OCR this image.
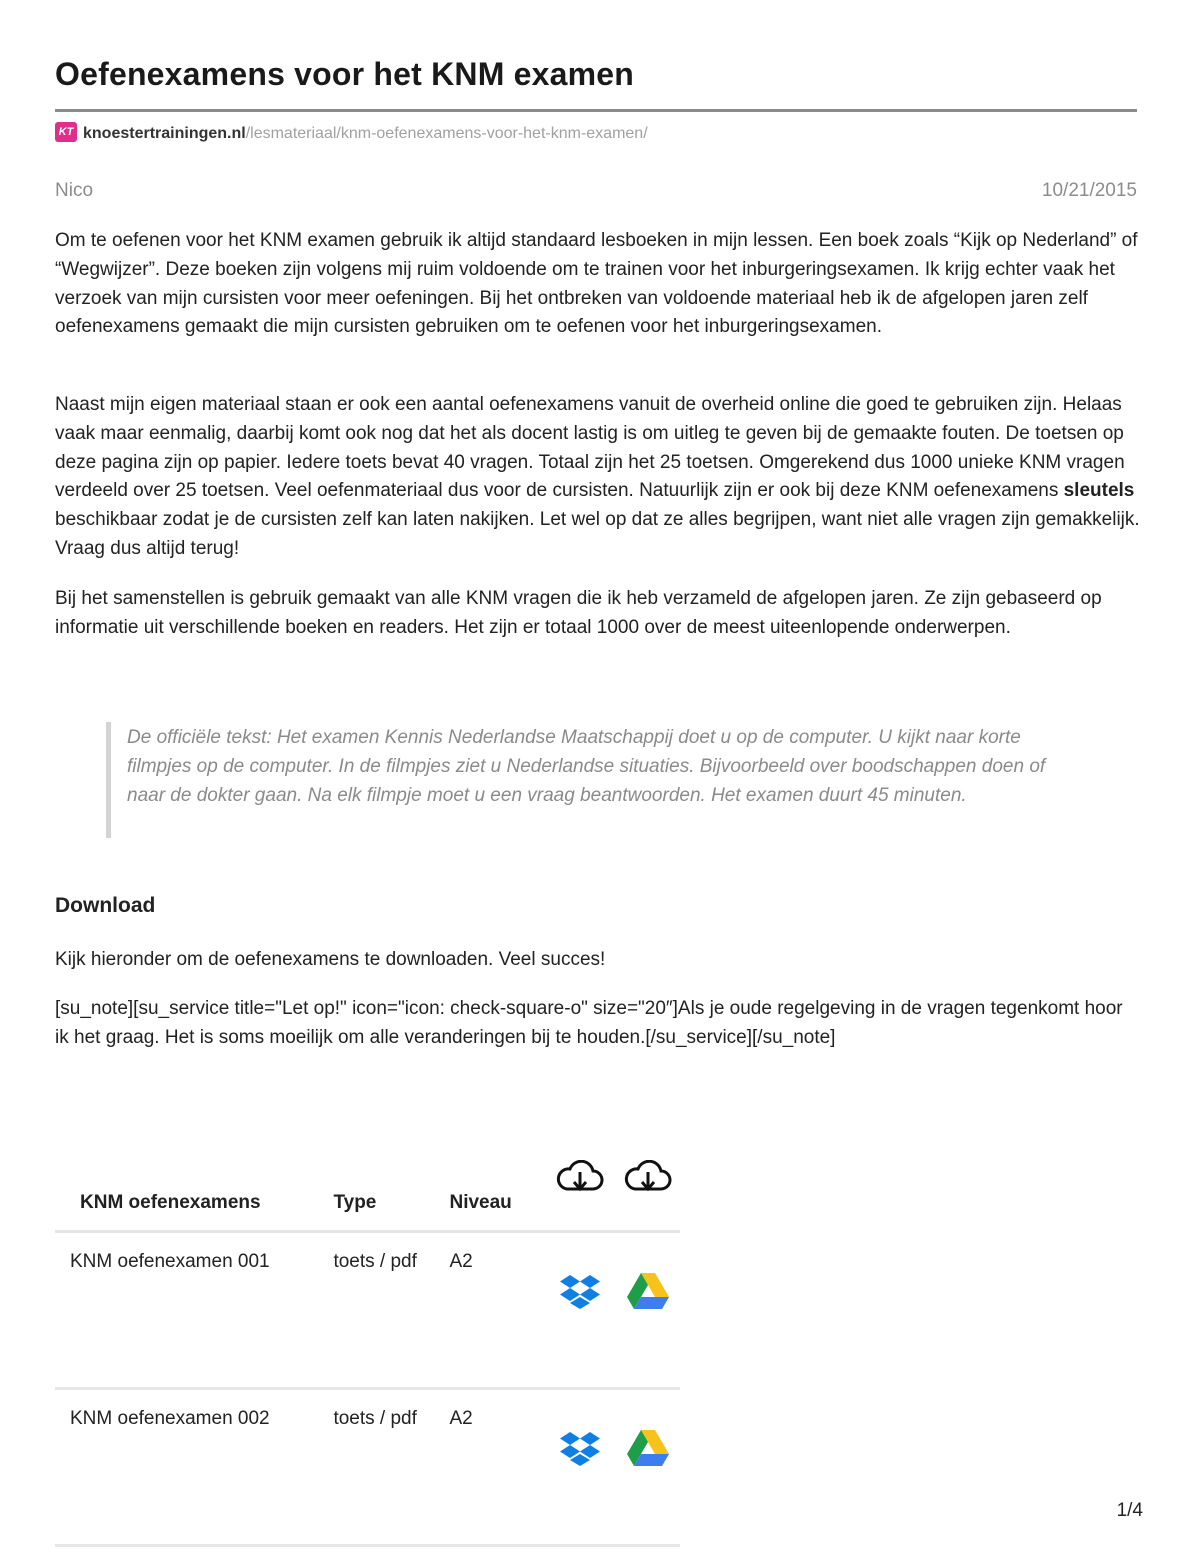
Oefenexamens voor het KNM examen
KT knoestertrainingen.nl /lesmateriaal/knm-oefenexamens-voor-het-knm-examen/
Nico	10/21/2015

Om te oefenen voor het KNM examen gebruik ik altijd standaard lesboeken in mijn lessen. Een boek zoals “Kijk op Nederland” of “Wegwijzer”. Deze boeken zijn volgens mij ruim voldoende om te trainen voor het inburgeringsexamen. Ik krijg echter vaak het verzoek van mijn cursisten voor meer oefeningen. Bij het ontbreken van voldoende materiaal heb ik de afgelopen jaren zelf oefenexamens gemaakt die mijn cursisten gebruiken om te oefenen voor het inburgeringsexamen.

Naast mijn eigen materiaal staan er ook een aantal oefenexamens vanuit de overheid online die goed te gebruiken zijn. Helaas vaak maar eenmalig, daarbij komt ook nog dat het als docent lastig is om uitleg te geven bij de gemaakte fouten. De toetsen op deze pagina zijn op papier. Iedere toets bevat 40 vragen. Totaal zijn het 25 toetsen. Omgerekend dus 1000 unieke KNM vragen verdeeld over 25 toetsen. Veel oefenmateriaal dus voor de cursisten. Natuurlijk zijn er ook bij deze KNM oefenexamens sleutels beschikbaar zodat je de cursisten zelf kan laten nakijken. Let wel op dat ze alles begrijpen, want niet alle vragen zijn gemakkelijk. Vraag dus altijd terug!

Bij het samenstellen is gebruik gemaakt van alle KNM vragen die ik heb verzameld de afgelopen jaren. Ze zijn gebaseerd op informatie uit verschillende boeken en readers. Het zijn er totaal 1000 over de meest uiteenlopende onderwerpen.

De officiële tekst: Het examen Kennis Nederlandse Maatschappij doet u op de computer. U kijkt naar korte filmpjes op de computer. In de filmpjes ziet u Nederlandse situaties. Bijvoorbeeld over boodschappen doen of naar de dokter gaan. Na elk filmpje moet u een vraag beantwoorden. Het examen duurt 45 minuten.

Download

Kijk hieronder om de oefenexamens te downloaden. Veel succes!

[su_note][su_service title="Let op!" icon="icon: check-square-o" size="20″]Als je oude regelgeving in de vragen tegenkomt hoor ik het graag. Het is soms moeilijk om alle veranderingen bij te houden.[/su_service][/su_note]

KNM oefenexamens	Type	Niveau		
KNM oefenexamen 001	toets / pdf	A2		
KNM oefenexamen 002	toets / pdf	A2		
1/4
